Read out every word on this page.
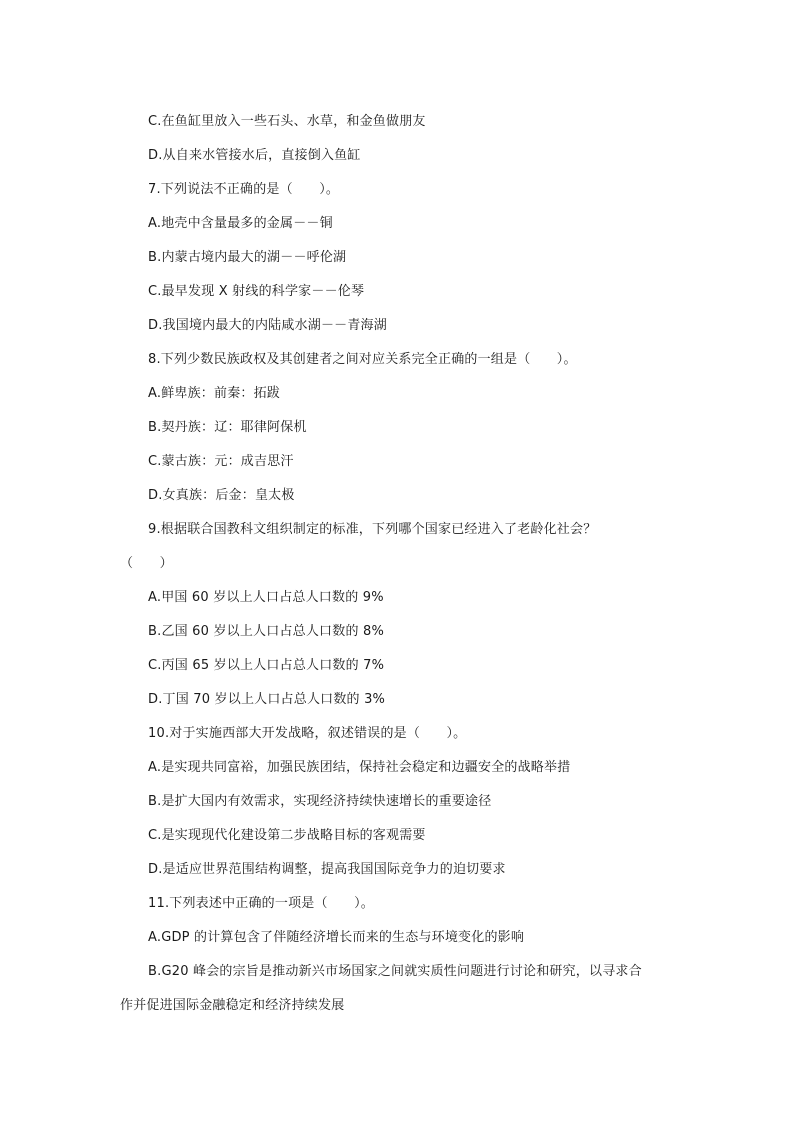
C.在鱼缸里放入一些石头、水草，和金鱼做朋友
D.从自来水管接水后，直接倒入鱼缸
7.下列说法不正确的是（　　）。
A.地壳中含量最多的金属－－铜
B.内蒙古境内最大的湖－－呼伦湖
C.最早发现 X 射线的科学家－－伦琴
D.我国境内最大的内陆咸水湖－－青海湖
8.下列少数民族政权及其创建者之间对应关系完全正确的一组是（　　）。
A.鲜卑族：前秦：拓跋
B.契丹族：辽：耶律阿保机
C.蒙古族：元：成吉思汗
D.女真族：后金：皇太极
9.根据联合国教科文组织制定的标准，下列哪个国家已经进入了老龄化社会？
（　　）
A.甲国 60 岁以上人口占总人口数的 9%
B.乙国 60 岁以上人口占总人口数的 8%
C.丙国 65 岁以上人口占总人口数的 7%
D.丁国 70 岁以上人口占总人口数的 3%
10.对于实施西部大开发战略，叙述错误的是（　　）。
A.是实现共同富裕，加强民族团结，保持社会稳定和边疆安全的战略举措
B.是扩大国内有效需求，实现经济持续快速增长的重要途径
C.是实现现代化建设第二步战略目标的客观需要
D.是适应世界范围结构调整，提高我国国际竞争力的迫切要求
11.下列表述中正确的一项是（　　）。
A.GDP 的计算包含了伴随经济增长而来的生态与环境变化的影响
B.G20 峰会的宗旨是推动新兴市场国家之间就实质性问题进行讨论和研究，以寻求合
作并促进国际金融稳定和经济持续发展
